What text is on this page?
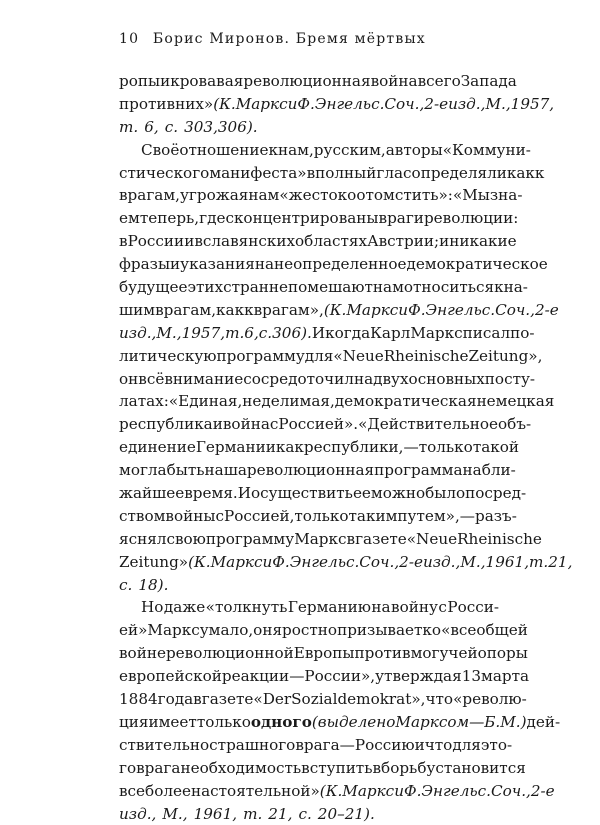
10 Борис Миронов. Бремя мёртвых
ропы и кровавая революционная война всего Запада
против них» (К.Маркс и Ф.Энгельс. Соч., 2-е изд., М., 1957,
т. 6, с. 303,306).
Своё отношение к нам, русским, авторы «Коммуни-
стического манифеста» в полный глас определяли как к
врагам, угрожая нам «жестоко отомстить»: «Мы зна-
ем теперь, где сконцентрированы враги революции:
в России и в славянских областях Австрии; и никакие
фразы и указания на неопределенное демократическое
будущее этих стран не помешают нам относиться к на-
шим врагам, как к врагам», (К.Маркс и Ф.Энгельс. Соч., 2-е
изд., М., 1957, т. 6, с. 306). И когда Карл Маркс писал по-
литическую программу для «Neue Rheinische Zeitung»,
он всё внимание сосредоточил на двух основных посту-
латах: «Единая, неделимая, демократическая немецкая
республика и война с Россией». «Действительное объ-
единение Германии как республики, — только такой
могла быть наша революционная программа на бли-
жайшее время. И осуществить ее можно было посред-
ством войны с Россией, только таким путем», — разъ-
яснял свою программу Маркс в газете «Neue Rheinische
Zeitung» (К.Маркс и Ф.Энгельс. Соч., 2-е изд., М., 1961, т. 21,
с. 18).
Но даже «толкнуть Германию на войну с Росси-
ей» Марксу мало, он яростно призывает ко «всеобщей
войне революционной Европы против могучей опоры
европейской реакции — России», утверждая 13 марта
1884 года в газете «Der Sozialdemokrat», что «револю-
ция имеет только одного (выделено Марксом — Б.М.) дей-
ствительно страшного врага — Россию и что для это-
го врага необходимость вступить в борьбу становится
все более настоятельной» (К.Маркс и Ф.Энгельс. Соч., 2-е
изд., М., 1961, т. 21, с. 20–21).
